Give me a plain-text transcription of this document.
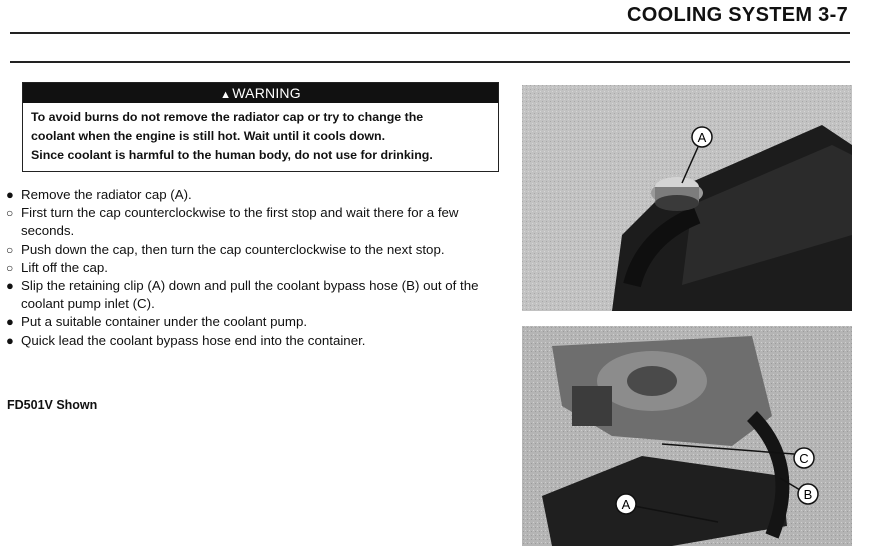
COOLING SYSTEM 3-7
▲WARNING
To avoid burns do not remove the radiator cap or try to change the
coolant when the engine is still hot. Wait until it cools down.
Since coolant is harmful to the human body, do not use for drinking.
● Remove the radiator cap (A).
○ First turn the cap counterclockwise to the first stop and wait there for a few seconds.
○ Push down the cap, then turn the cap counterclockwise to the next stop.
○ Lift off the cap.
● Slip the retaining clip (A) down and pull the coolant bypass hose (B) out of the coolant pump inlet (C).
● Put a suitable container under the coolant pump.
● Quick lead the coolant bypass hose end into the container.
FD501V Shown
A
C
B
A
